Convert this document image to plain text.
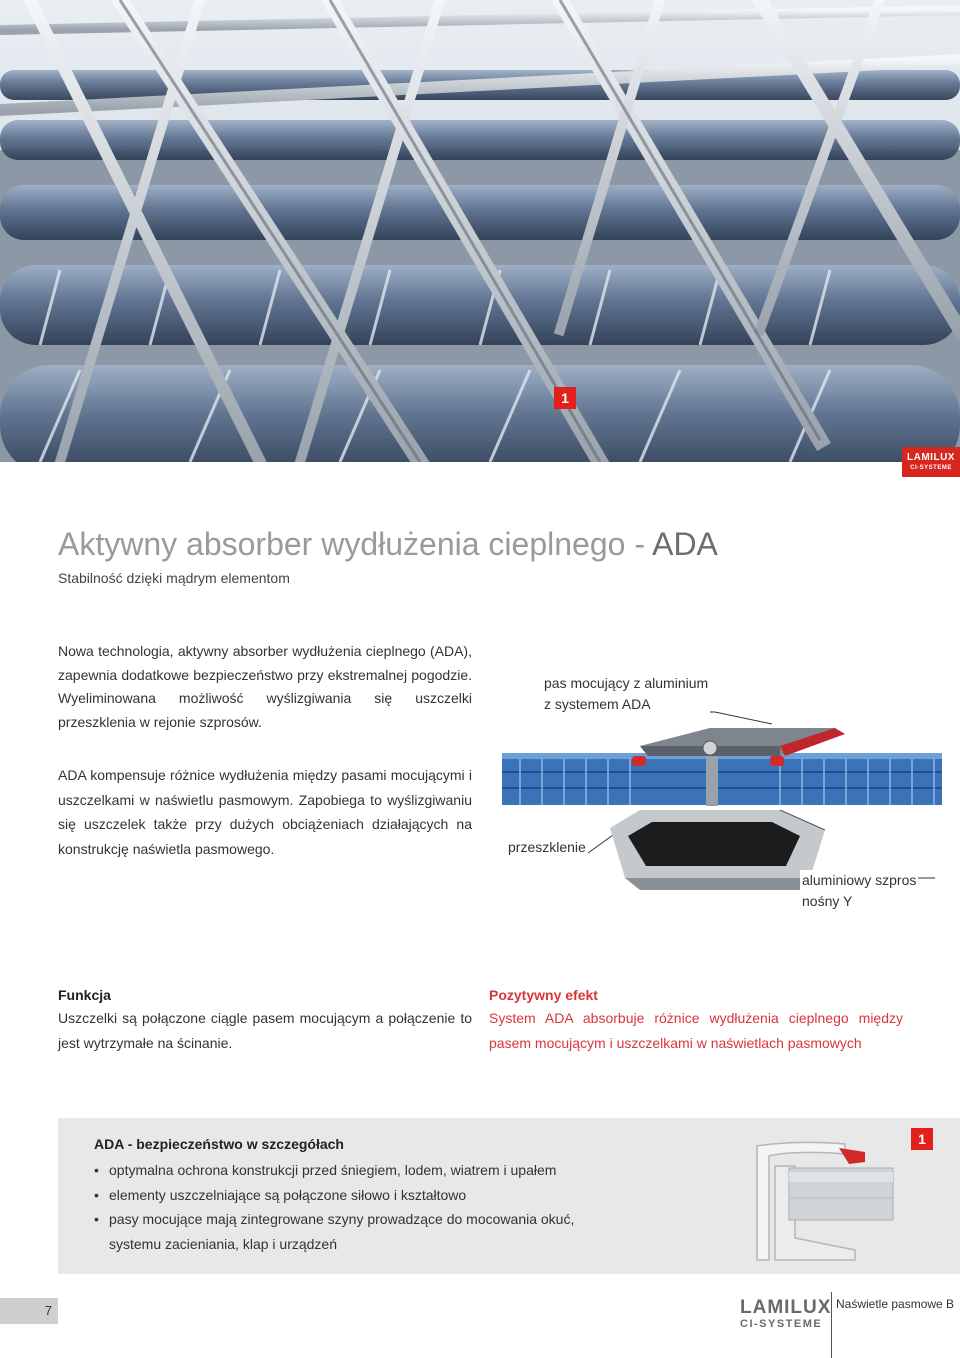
1
LAMILUX
CI-SYSTEME
Aktywny absorber wydłużenia cieplnego - ADA
Stabilność dzięki mądrym elementom
Nowa technologia, aktywny absorber wydłużenia cieplnego (ADA), zapewnia dodatkowe bezpieczeństwo przy ekstremalnej pogodzie. Wyeliminowana możliwość wyślizgiwania się uszczelki przeszklenia w rejonie szprosów.
ADA kompensuje różnice wydłużenia między pasami mocującymi i uszczelkami w naświetlu pasmowym. Zapobiega to wyślizgiwaniu się uszczelek także przy dużych obciążeniach działających na konstrukcję naświetla pasmowego.
pas mocujący z aluminium
z systemem ADA
przeszklenie
aluminiowy szpros
nośny Y
Funkcja
Uszczelki są połączone ciągle pasem mocującym a połączenie to jest wytrzymałe na ścinanie.
Pozytywny efekt
System ADA absorbuje różnice wydłużenia cieplnego między pasem mocującym i uszczelkami w naświetlach pasmowych
ADA - bezpieczeństwo w szczegółach
• optymalna ochrona konstrukcji przed śniegiem, lodem, wiatrem i upałem
• elementy uszczelniające są połączone siłowo i kształtowo
• pasy mocujące mają zintegrowane szyny prowadzące do mocowania okuć, systemu zacieniania, klap i urządzeń
1
7	LAMILUX
CI-SYSTEME
Naświetle pasmowe B
